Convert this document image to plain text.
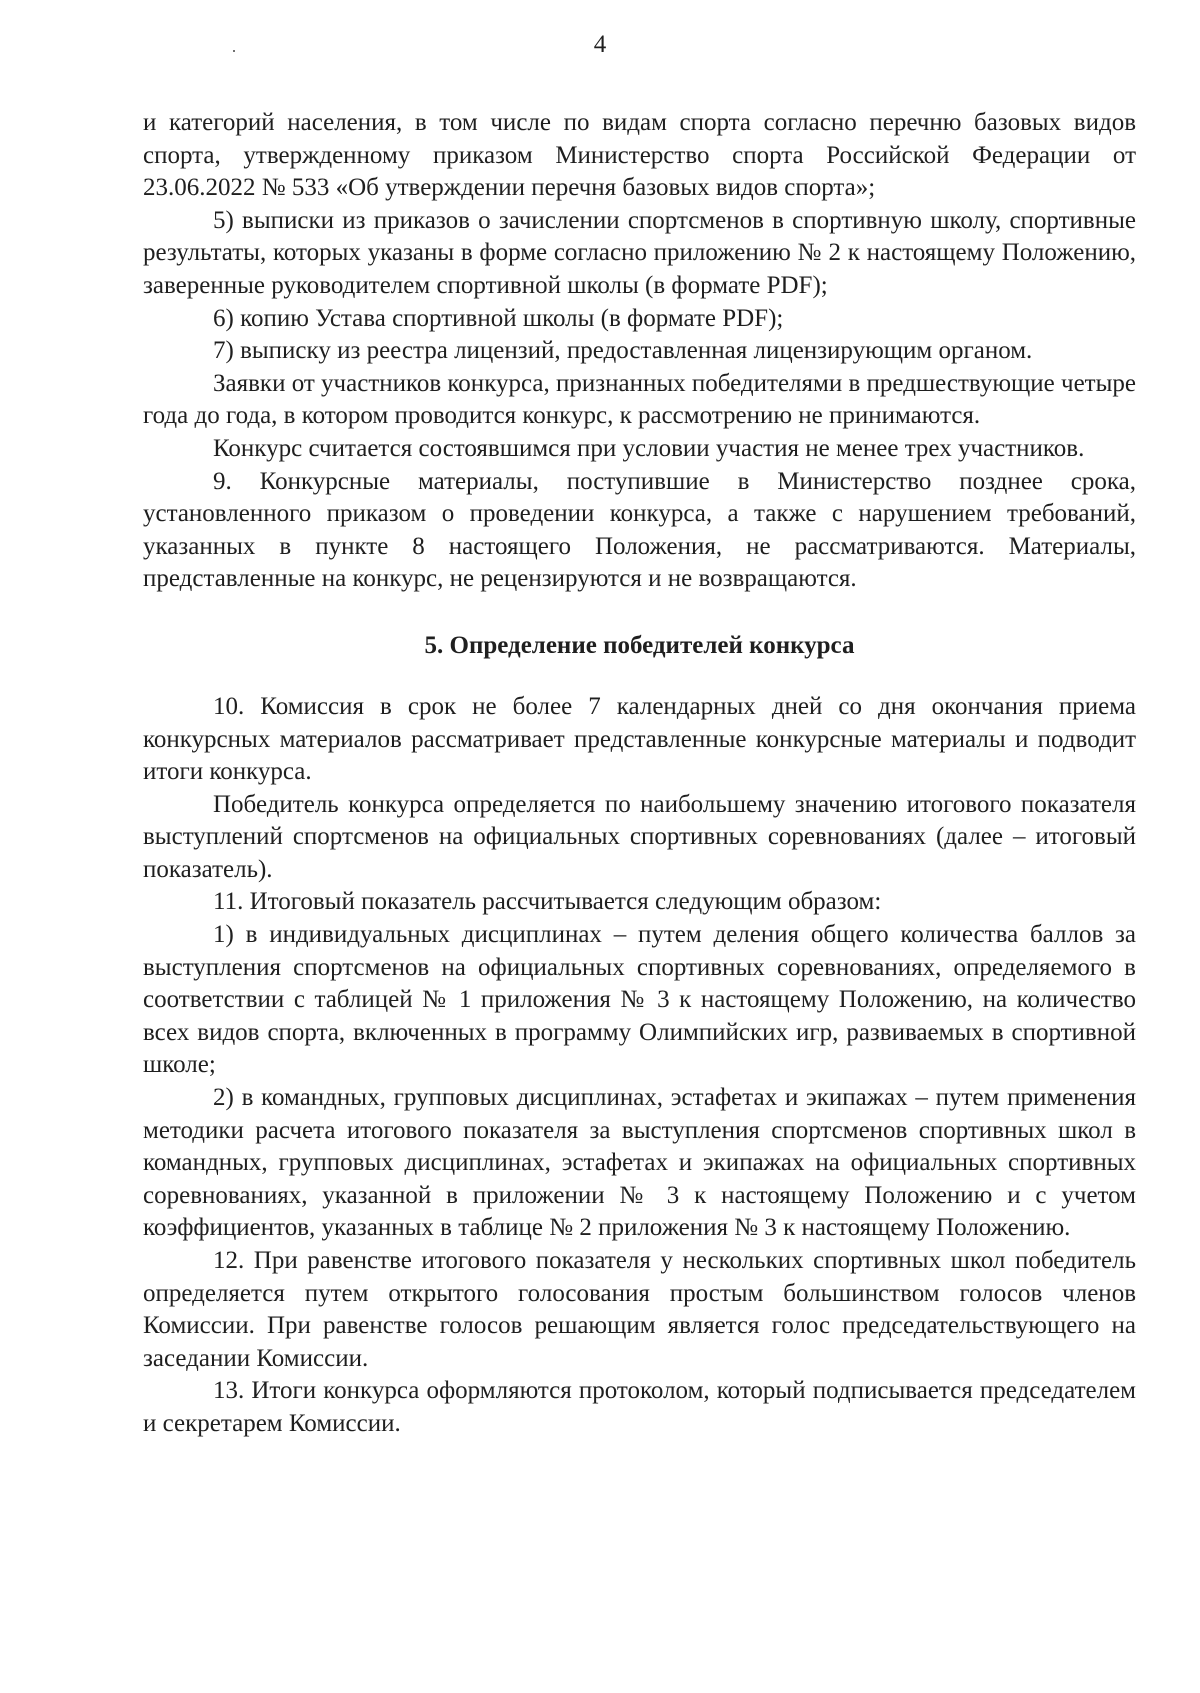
4

и категорий населения, в том числе по видам спорта согласно перечню базовых видов спорта, утвержденному приказом Министерство спорта Российской Федерации от 23.06.2022 № 533 «Об утверждении перечня базовых видов спорта»;

5) выписки из приказов о зачислении спортсменов в спортивную школу, спортивные результаты, которых указаны в форме согласно приложению № 2 к настоящему Положению, заверенные руководителем спортивной школы (в формате PDF);

6) копию Устава спортивной школы (в формате PDF);

7) выписку из реестра лицензий, предоставленная лицензирующим органом.

Заявки от участников конкурса, признанных победителями в предшествующие четыре года до года, в котором проводится конкурс, к рассмотрению не принимаются.

Конкурс считается состоявшимся при условии участия не менее трех участников.

9. Конкурсные материалы, поступившие в Министерство позднее срока, установленного приказом о проведении конкурса, а также с нарушением требований, указанных в пункте 8 настоящего Положения, не рассматриваются. Материалы, представленные на конкурс, не рецензируются и не возвращаются.

5. Определение победителей конкурса

10. Комиссия в срок не более 7 календарных дней со дня окончания приема конкурсных материалов рассматривает представленные конкурсные материалы и подводит итоги конкурса.

Победитель конкурса определяется по наибольшему значению итогового показателя выступлений спортсменов на официальных спортивных соревнованиях (далее – итоговый показатель).

11. Итоговый показатель рассчитывается следующим образом:

1) в индивидуальных дисциплинах – путем деления общего количества баллов за выступления спортсменов на официальных спортивных соревнованиях, определяемого в соответствии с таблицей № 1 приложения № 3 к настоящему Положению, на количество всех видов спорта, включенных в программу Олимпийских игр, развиваемых в спортивной школе;

2) в командных, групповых дисциплинах, эстафетах и экипажах – путем применения методики расчета итогового показателя за выступления спортсменов спортивных школ в командных, групповых дисциплинах, эстафетах и экипажах на официальных спортивных соревнованиях, указанной в приложении № 3 к настоящему Положению и с учетом коэффициентов, указанных в таблице № 2 приложения № 3 к настоящему Положению.

12. При равенстве итогового показателя у нескольких спортивных школ победитель определяется путем открытого голосования простым большинством голосов членов Комиссии. При равенстве голосов решающим является голос председательствующего на заседании Комиссии.

13. Итоги конкурса оформляются протоколом, который подписывается председателем и секретарем Комиссии.
